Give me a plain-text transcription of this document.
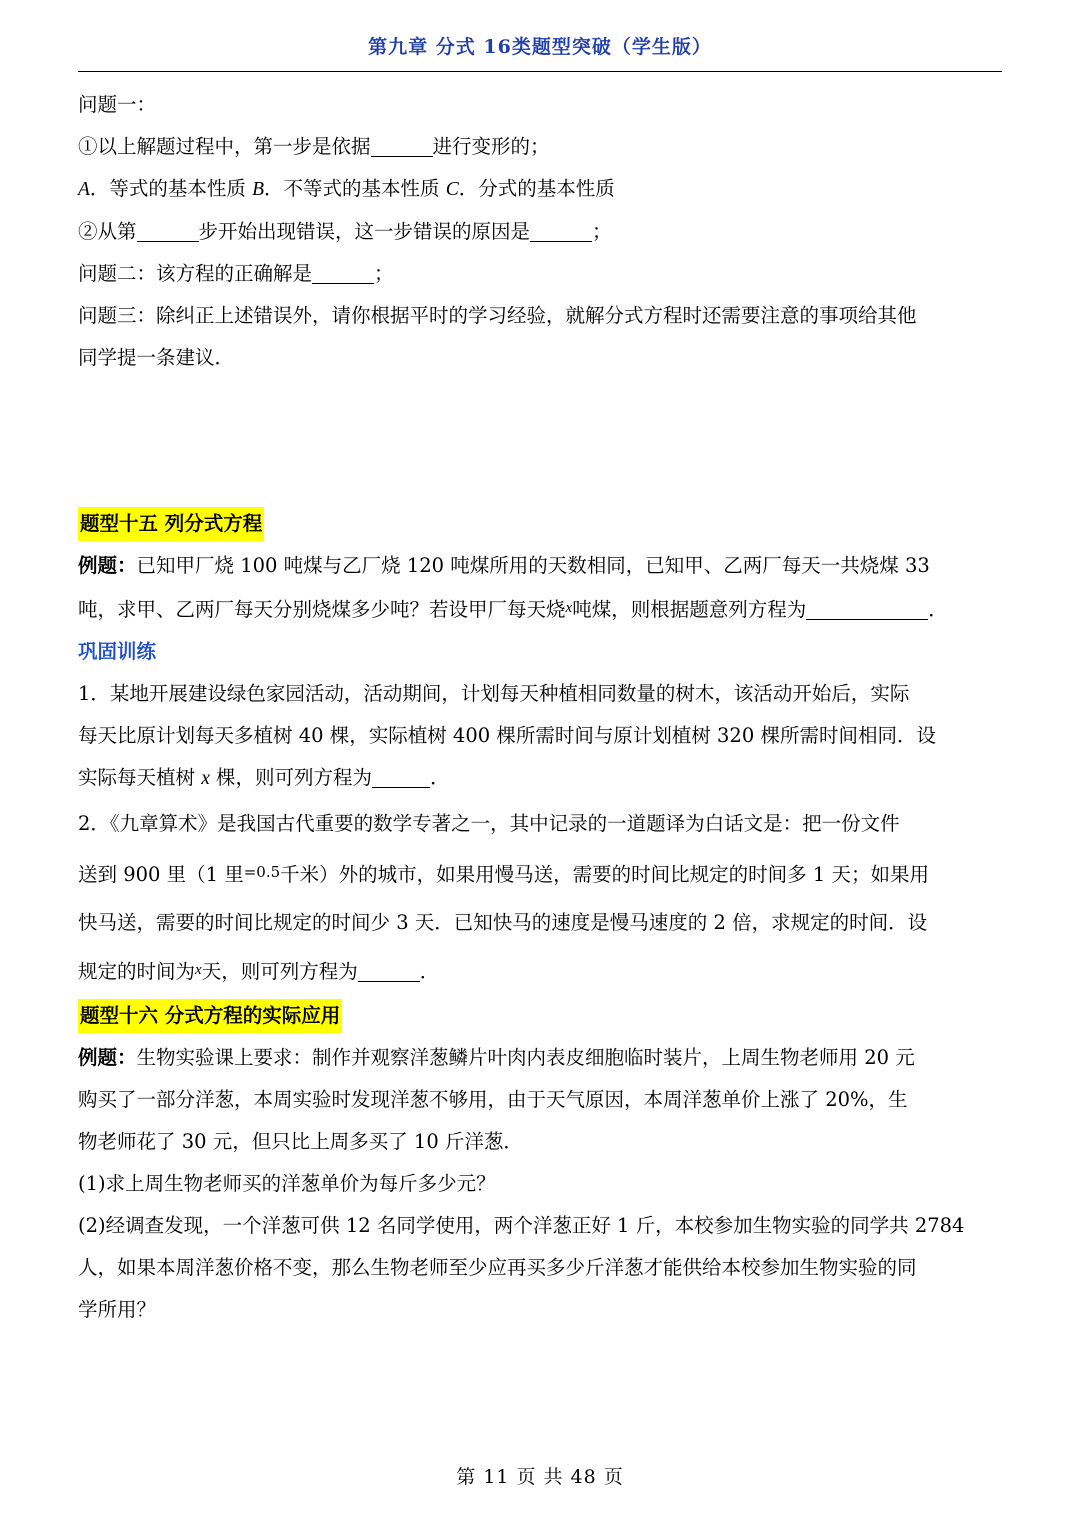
第九章 分式 16类题型突破（学生版）

问题一：

①以上解题过程中，第一步是依据	进行变形的；

A．等式的基本性质 B．不等式的基本性质 C．分式的基本性质

②从第	步开始出现错误，这一步错误的原因是	；

问题二：该方程的正确解是	；

问题三：除纠正上述错误外，请你根据平时的学习经验，就解分式方程时还需要注意的事项给其他

同学提一条建议．

题型十五 列分式方程

例题：已知甲厂烧 100 吨煤与乙厂烧 120 吨煤所用的天数相同，已知甲、乙两厂每天一共烧煤 33

吨，求甲、乙两厂每天分别烧煤多少吨？若设甲厂每天烧$^x$吨煤，则根据题意列方程为	．

巩固训练

1．某地开展建设绿色家园活动，活动期间，计划每天种植相同数量的树木，该活动开始后，实际

每天比原计划每天多植树 40 棵，实际植树 400 棵所需时间与原计划植树 320 棵所需时间相同．设

实际每天植树 x 棵，则可列方程为	．

2．《九章算术》是我国古代重要的数学专著之一，其中记录的一道题译为白话文是：把一份文件

送到 900 里（1 里$^{=0.5}$千米）外的城市，如果用慢马送，需要的时间比规定的时间多 1 天；如果用

快马送，需要的时间比规定的时间少 3 天．已知快马的速度是慢马速度的 2 倍，求规定的时间．设

规定的时间为$^x$天，则可列方程为	．

题型十六 分式方程的实际应用

例题：生物实验课上要求：制作并观察洋葱鳞片叶肉内表皮细胞临时装片，上周生物老师用 20 元

购买了一部分洋葱，本周实验时发现洋葱不够用，由于天气原因，本周洋葱单价上涨了 20%，生

物老师花了 30 元，但只比上周多买了 10 斤洋葱．

(1)求上周生物老师买的洋葱单价为每斤多少元？

(2)经调查发现，一个洋葱可供 12 名同学使用，两个洋葱正好 1 斤，本校参加生物实验的同学共 2784

人，如果本周洋葱价格不变，那么生物老师至少应再买多少斤洋葱才能供给本校参加生物实验的同

学所用？

第 11 页 共 48 页
